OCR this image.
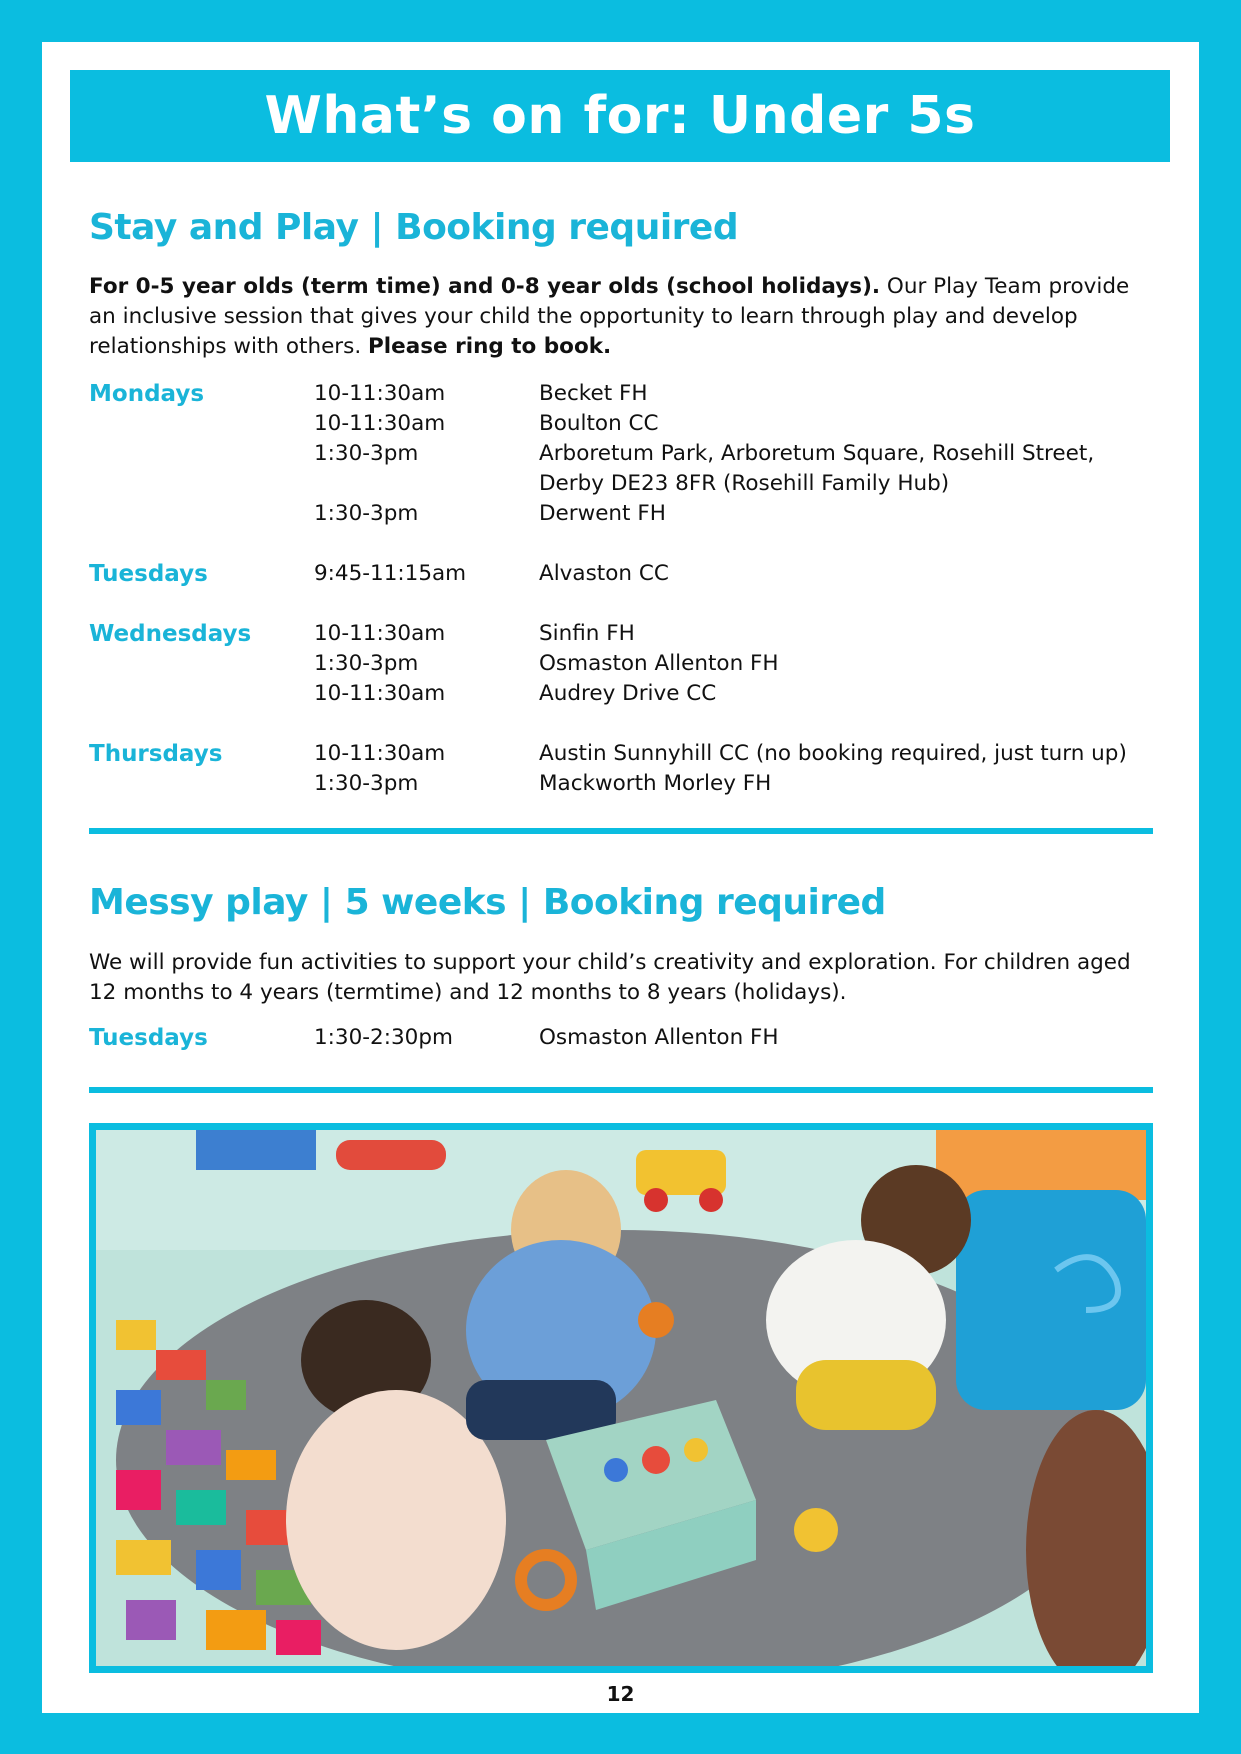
What’s on for: Under 5s
Stay and Play | Booking required

For 0-5 year olds (term time) and 0-8 year olds (school holidays). Our Play Team provide an inclusive session that gives your child the opportunity to learn through play and develop relationships with others. Please ring to book.

Mondays	10-11:30am	Becket FH
10-11:30am	Boulton CC
1:30-3pm	Arboretum Park, Arboretum Square, Rosehill Street,
Derby DE23 8FR (Rosehill Family Hub)
1:30-3pm	Derwent FH
Tuesdays	9:45-11:15am	Alvaston CC
Wednesdays	10-11:30am	Sinfin FH
1:30-3pm	Osmaston Allenton FH
10-11:30am	Audrey Drive CC
Thursdays	10-11:30am	Austin Sunnyhill CC (no booking required, just turn up)
1:30-3pm	Mackworth Morley FH
Messy play | 5 weeks | Booking required

We will provide fun activities to support your child’s creativity and exploration. For children aged 12 months to 4 years (termtime) and 12 months to 8 years (holidays).

Tuesdays	1:30-2:30pm	Osmaston Allenton FH
12
